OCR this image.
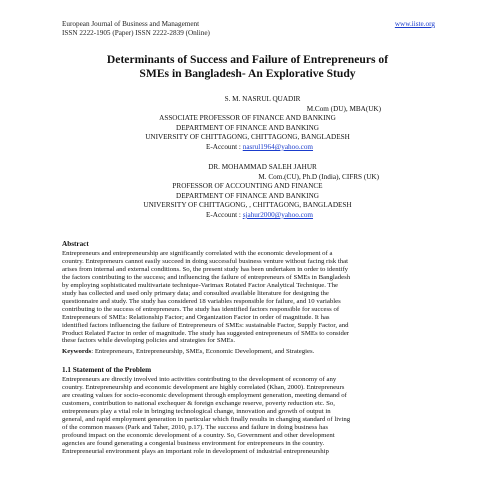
European Journal of Business and Management
ISSN 2222-1905 (Paper) ISSN 2222-2839 (Online)
www.iiste.org
Determinants of Success and Failure of Entrepreneurs of
SMEs in Bangladesh- An Explorative Study
S. M. NASRUL QUADIR
M.Com (DU), MBA(UK)
ASSOCIATE PROFESSOR OF FINANCE AND BANKING
DEPARTMENT OF FINANCE AND BANKING
UNIVERSITY OF CHITTAGONG, CHITTAGONG, BANGLADESH
E-Account : nasrul1964@yahoo.com
DR. MOHAMMAD SALEH JAHUR
M. Com.(CU), Ph.D (India), CIFRS (UK)
PROFESSOR OF ACCOUNTING AND FINANCE
DEPARTMENT OF FINANCE AND BANKING
UNIVERSITY OF CHITTAGONG, , CHITTAGONG, BANGLADESH
E-Account : sjahur2000@yahoo.com
Abstract
Entrepreneurs and entrepreneurship are significantly correlated with the economic development of a
country. Entrepreneurs cannot easily succeed in doing successful business venture without facing risk that
arises from internal and external conditions. So, the present study has been undertaken in order to identify
the factors contributing to the success; and influencing the failure of entrepreneurs of SMEs in Bangladesh
by employing sophisticated multivariate technique-Varimax Rotated Factor Analytical Technique. The
study has collected and used only primary data; and consulted available literature for designing the
questionnaire and study. The study has considered 18 variables responsible for failure, and 10 variables
contributing to the success of entrepreneurs. The study has identified factors responsible for success of
Entrepreneurs of SMEs: Relationship Factor; and Organization Factor in order of magnitude. It has
identified factors influencing the failure of Entrepreneurs of SMEs: sustainable Factor, Supply Factor, and
Product Related Factor in order of magnitude. The study has suggested entrepreneurs of SMEs to consider
these factors while developing policies and strategies for SMEs.
Keywords: Entrepreneurs, Entrepreneurship, SMEs, Economic Development, and Strategies.
1.1 Statement of the Problem
Entrepreneurs are directly involved into activities contributing to the development of economy of any
country. Entrepreneurship and economic development are highly correlated (Khan, 2000). Entrepreneurs
are creating values for socio-economic development through employment generation, meeting demand of
customers, contribution to national exchequer & foreign exchange reserve, poverty reduction etc. So,
entrepreneurs play a vital role in bringing technological change, innovation and growth of output in
general, and rapid employment generation in particular which finally results in changing standard of living
of the common masses (Park and Taher, 2010, p.17). The success and failure in doing business has
profound impact on the economic development of a country. So, Government and other development
agencies are found generating a congenial business environment for entrepreneurs in the country.
Entrepreneurial environment plays an important role in development of industrial entrepreneurship
